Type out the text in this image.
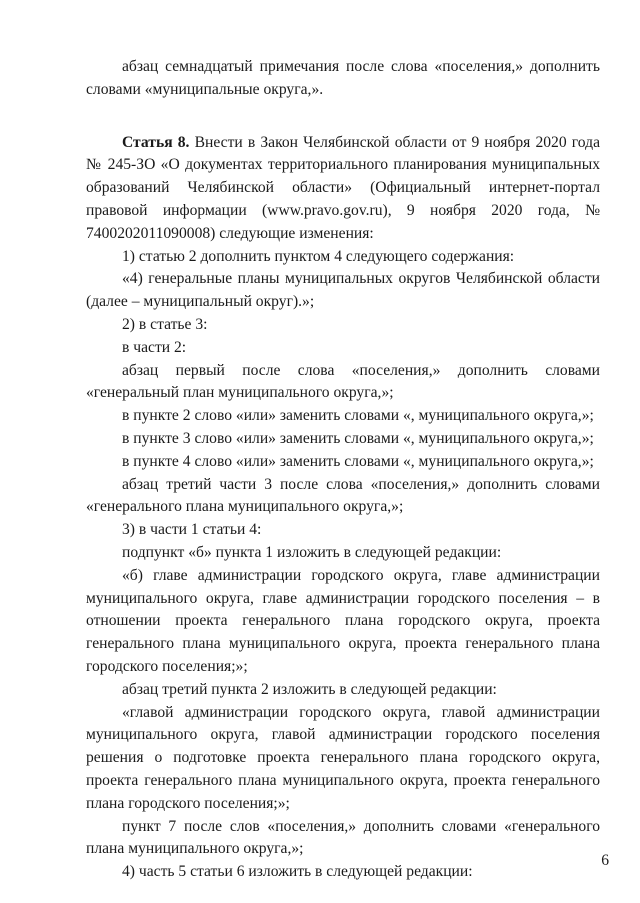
абзац семнадцатый примечания после слова «поселения,» дополнить словами «муниципальные округа,».

Статья 8. Внести в Закон Челябинской области от 9 ноября 2020 года № 245-ЗО «О документах территориального планирования муниципальных образований Челябинской области» (Официальный интернет-портал правовой информации (www.pravo.gov.ru), 9 ноября 2020 года, № 7400202011090008) следующие изменения:

1) статью 2 дополнить пунктом 4 следующего содержания:

«4) генеральные планы муниципальных округов Челябинской области (далее – муниципальный округ).»;

2) в статье 3:

в части 2:

абзац первый после слова «поселения,» дополнить словами «генеральный план муниципального округа,»;

в пункте 2 слово «или» заменить словами «, муниципального округа,»;

в пункте 3 слово «или» заменить словами «, муниципального округа,»;

в пункте 4 слово «или» заменить словами «, муниципального округа,»;

абзац третий части 3 после слова «поселения,» дополнить словами «генерального плана муниципального округа,»;

3) в части 1 статьи 4:

подпункт «б» пункта 1 изложить в следующей редакции:

«б) главе администрации городского округа, главе администрации муниципального округа, главе администрации городского поселения – в отношении проекта генерального плана городского округа, проекта генерального плана муниципального округа, проекта генерального плана городского поселения;»;

абзац третий пункта 2 изложить в следующей редакции:

«главой администрации городского округа, главой администрации муниципального округа, главой администрации городского поселения решения о подготовке проекта генерального плана городского округа, проекта генерального плана муниципального округа, проекта генерального плана городского поселения;»;

пункт 7 после слов «поселения,» дополнить словами «генерального плана муниципального округа,»;

4) часть 5 статьи 6 изложить в следующей редакции:

6
